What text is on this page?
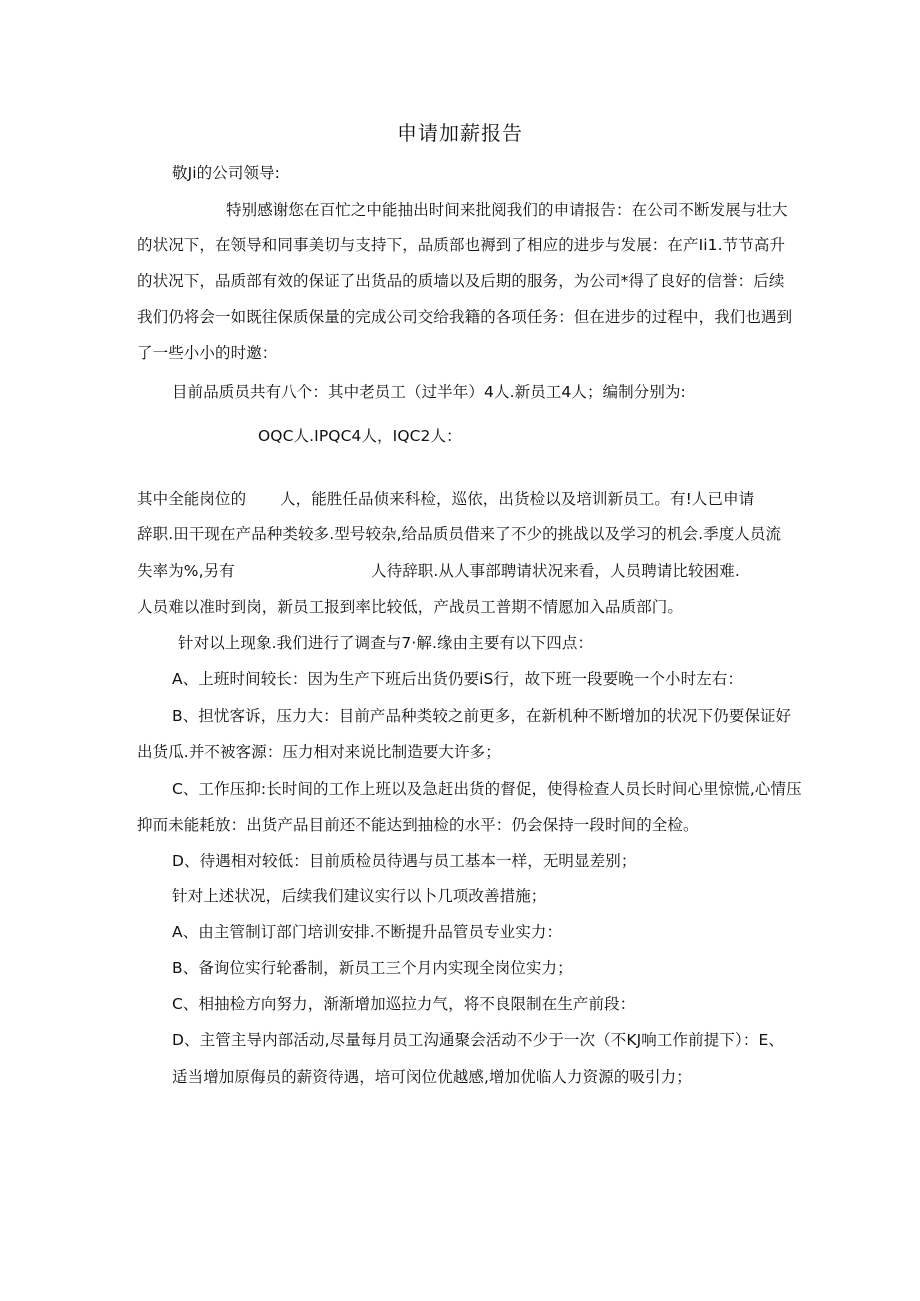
申请加薪报告
敬Ji的公司领导:
特别感谢您在百忙之中能抽出时间来批阅我们的申请报告：在公司不断发展与壮大
的状况下，在领导和同事美切与支持下，品质部也褥到了相应的进步与发展：在产Ii1.节节高升
的状况下，品质部有效的保证了出货品的质墙以及后期的服务，为公司*得了良好的信誉：后续
我们仍将会一如既往保质保量的完成公司交给我籍的各项任务：但在进步的过程中，我们也遇到
了一些小小的时邀：
目前品质员共有八个：其中老员工（过半年）4人.新员工4人；编制分别为:
OQC人.IPQC4人，IQC2人：
其中全能岗位的 人，能胜任品侦来科检，巡依，出货检以及培训新员工。有!人已申请
辞职.田干现在产品种类较多.型号较杂,给品质员借来了不少的挑战以及学习的机会.季度人员流
失率为%,另有	人待辞职.从人事部聘请状况来看，人员聘请比较困难.
人员难以准时到岗，新员工报到率比较低，产战员工普期不情愿加入品质部门。
针对以上现象.我们进行了调查与7·解.缘由主要有以下四点：
A、上班时间较长：因为生产下班后出货仍要iS行，故下班一段要晚一个小时左右：
B、担忧客诉，压力大：目前产品种类较之前更多，在新机种不断增加的状况下仍要保证好
出货瓜.并不被客源：压力相对来说比制造要大许多；
C、工作压抑:长时间的工作上班以及急赶出货的督促，使得检查人员长时间心里惊慌,心情压
抑而未能耗放：出货产品目前还不能达到抽检的水平：仍会保持一段时间的全检。
D、待遇相对较低：目前质检员待遇与员工基本一样，无明显差别；
针对上述状况，后续我们建议实行以卜几项改善措施；
A、由主管制订部门培训安排.不断提升品管员专业实力：
B、备询位实行轮番制，新员工三个月内实现全岗位实力；
C、相抽检方向努力，渐渐增加巡拉力气，将不良限制在生产前段：
D、主管主导内部活动,尽量每月员工沟通聚会活动不少于一次（不KJ响工作前提下）：E、
适当增加原侮员的薪资待遇，培可闵位优越感,增加优临人力资源的吸引力；
